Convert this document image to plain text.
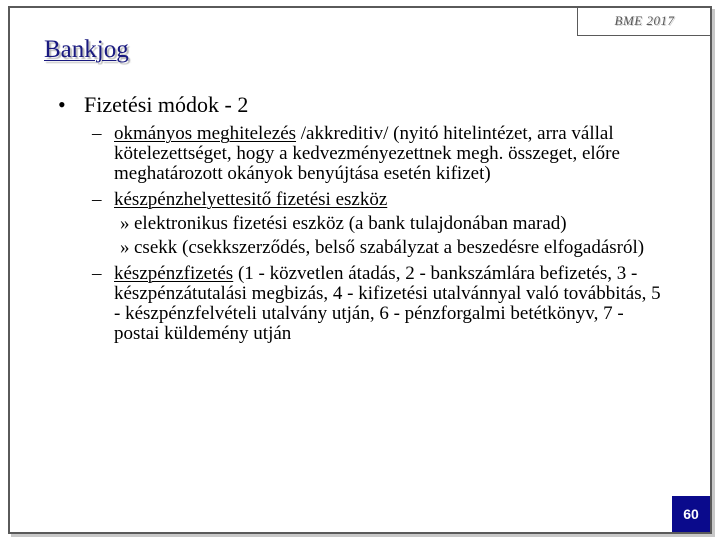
BME 2017
Bankjog
• Fizetési módok - 2
– okmányos meghitelezés /akkreditiv/ (nyitó hitelintézet, arra vállal kötelezettséget, hogy a kedvezményezettnek megh. összeget, előre meghatározott okányok benyújtása esetén kifizet)
– készpénzhelyettesitő fizetési eszköz
» elektronikus fizetési eszköz (a bank tulajdonában marad)
» csekk (csekkszerződés, belső szabályzat a beszedésre elfogadásról)
– készpénzfizetés (1 - közvetlen átadás, 2 - bankszámlára befizetés, 3 - készpénzátutalási megbizás, 4 - kifizetési utalvánnyal való továbbitás, 5 - készpénzfelvételi utalvány utján, 6 - pénzforgalmi betétkönyv, 7 - postai küldemény utján
60
